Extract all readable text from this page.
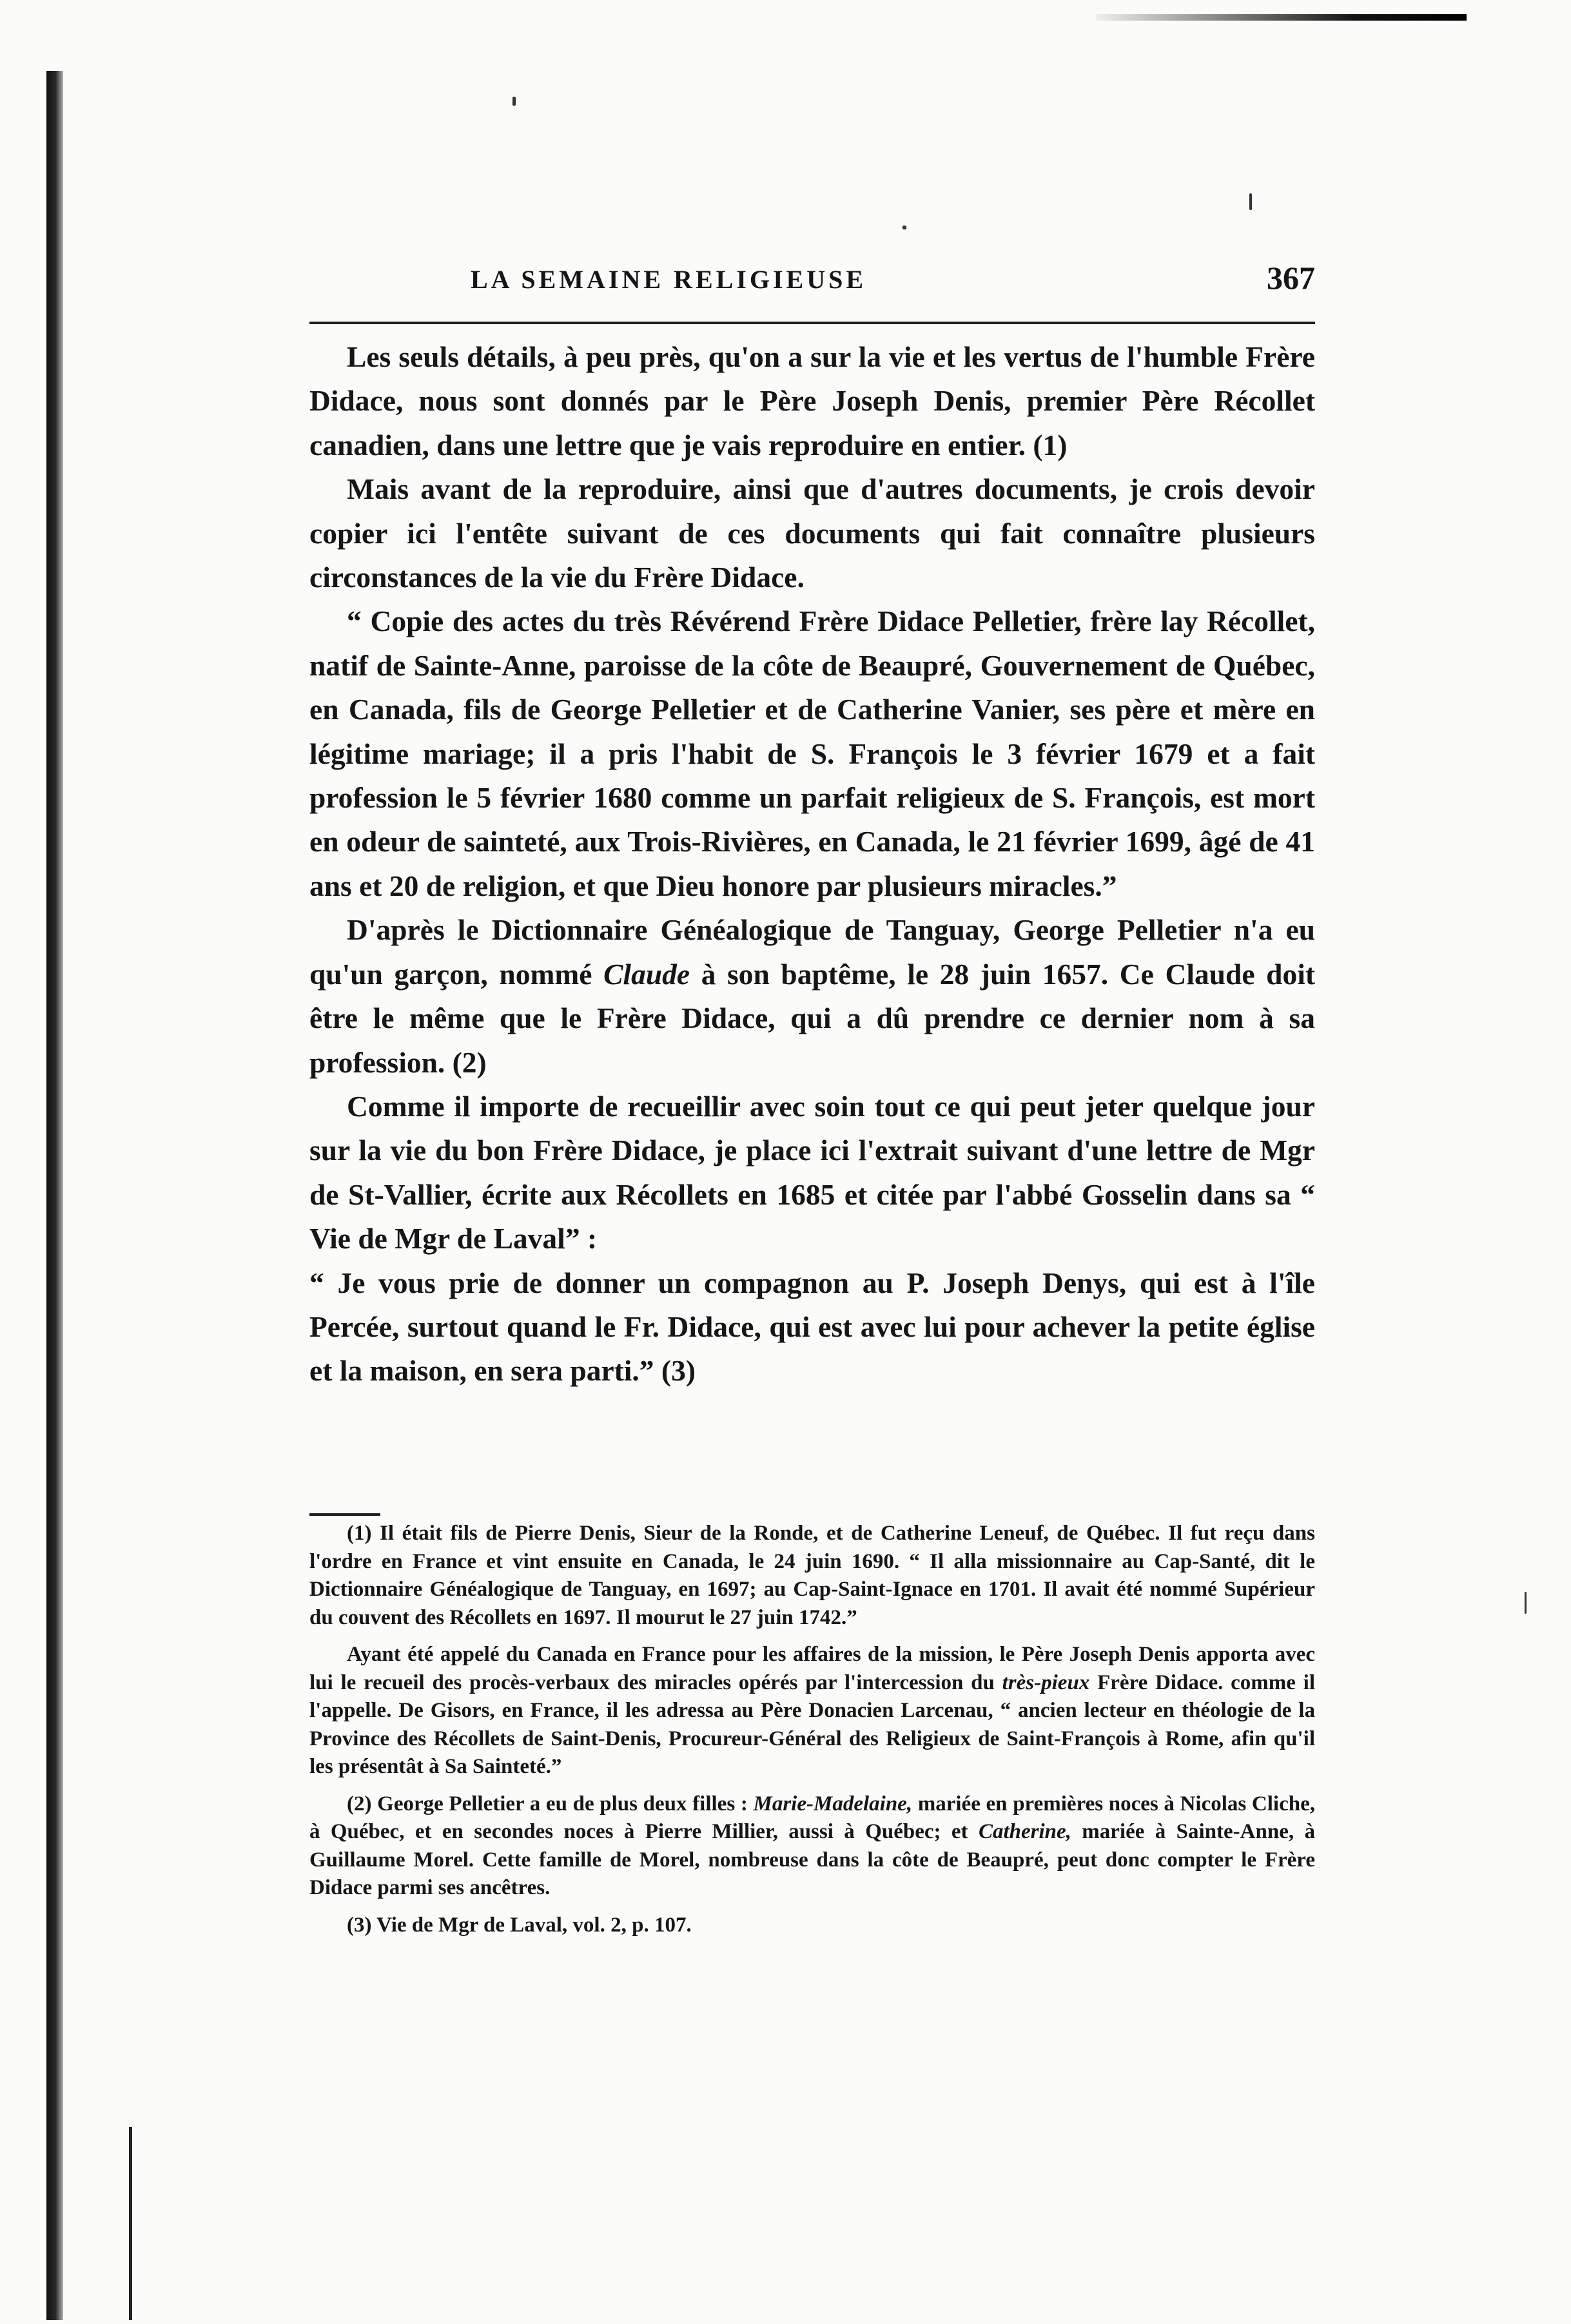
LA SEMAINE RELIGIEUSE	367

Les seuls détails, à peu près, qu'on a sur la vie et les vertus de l'humble Frère Didace, nous sont donnés par le Père Joseph Denis, premier Père Récollet canadien, dans une lettre que je vais reproduire en entier. (1)

Mais avant de la reproduire, ainsi que d'autres documents, je crois devoir copier ici l'entête suivant de ces documents qui fait connaître plusieurs circonstances de la vie du Frère Didace.

“ Copie des actes du très Révérend Frère Didace Pelletier, frère lay Récollet, natif de Sainte-Anne, paroisse de la côte de Beaupré, Gouvernement de Québec, en Canada, fils de George Pelletier et de Catherine Vanier, ses père et mère en légitime mariage; il a pris l'habit de S. François le 3 février 1679 et a fait profession le 5 février 1680 comme un parfait religieux de S. François, est mort en odeur de sainteté, aux Trois-Rivières, en Canada, le 21 février 1699, âgé de 41 ans et 20 de religion, et que Dieu honore par plusieurs miracles.”

D'après le Dictionnaire Généalogique de Tanguay, George Pelletier n'a eu qu'un garçon, nommé Claude à son baptême, le 28 juin 1657. Ce Claude doit être le même que le Frère Didace, qui a dû prendre ce dernier nom à sa profession. (2)

Comme il importe de recueillir avec soin tout ce qui peut jeter quelque jour sur la vie du bon Frère Didace, je place ici l'extrait suivant d'une lettre de Mgr de St-Vallier, écrite aux Récollets en 1685 et citée par l'abbé Gosselin dans sa “ Vie de Mgr de Laval” :

“ Je vous prie de donner un compagnon au P. Joseph Denys, qui est à l'île Percée, surtout quand le Fr. Didace, qui est avec lui pour achever la petite église et la maison, en sera parti.” (3)

(1) Il était fils de Pierre Denis, Sieur de la Ronde, et de Catherine Leneuf, de Québec. Il fut reçu dans l'ordre en France et vint ensuite en Canada, le 24 juin 1690. “ Il alla missionnaire au Cap-Santé, dit le Dictionnaire Généalogique de Tanguay, en 1697; au Cap-Saint-Ignace en 1701. Il avait été nommé Supérieur du couvent des Récollets en 1697. Il mourut le 27 juin 1742.”

Ayant été appelé du Canada en France pour les affaires de la mission, le Père Joseph Denis apporta avec lui le recueil des procès-verbaux des miracles opérés par l'intercession du très-pieux Frère Didace. comme il l'appelle. De Gisors, en France, il les adressa au Père Donacien Larcenau, “ ancien lecteur en théologie de la Province des Récollets de Saint-Denis, Procureur-Général des Religieux de Saint-François à Rome, afin qu'il les présentât à Sa Sainteté.”

(2) George Pelletier a eu de plus deux filles : Marie-Madelaine, mariée en premières noces à Nicolas Cliche, à Québec, et en secondes noces à Pierre Millier, aussi à Québec; et Catherine, mariée à Sainte-Anne, à Guillaume Morel. Cette famille de Morel, nombreuse dans la côte de Beaupré, peut donc compter le Frère Didace parmi ses ancêtres.

(3) Vie de Mgr de Laval, vol. 2, p. 107.
